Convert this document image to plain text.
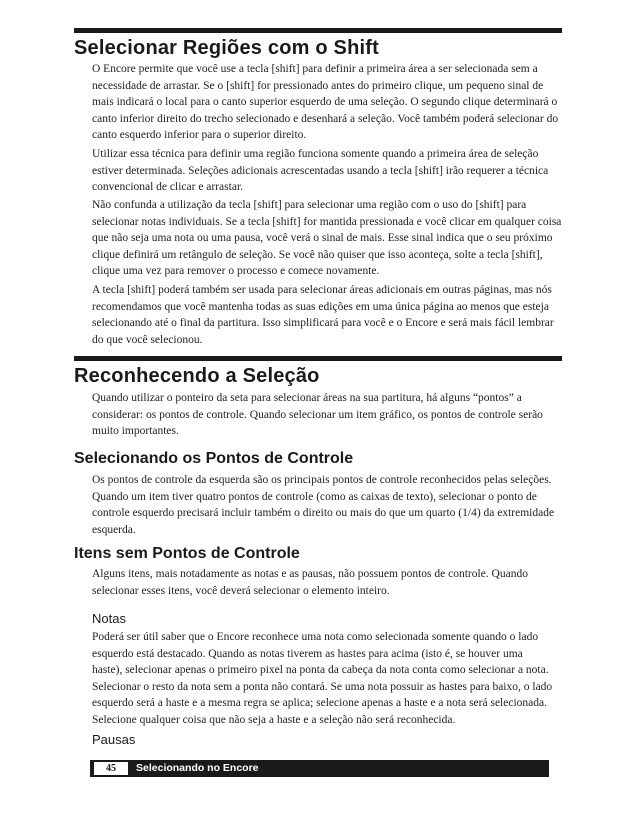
Selecionar Regiões com o Shift
O Encore permite que você use a tecla [shift] para definir a primeira área a ser selecionada sem a
necessidade de arrastar. Se o [shift] for pressionado antes do primeiro clique, um pequeno sinal de
mais indicará o local para o canto superior esquerdo de uma seleção. O segundo clique determinará o
canto inferior direito do trecho selecionado e desenhará a seleção. Você também poderá selecionar do
canto esquerdo inferior para o superior direito.
Utilizar essa técnica para definir uma região funciona somente quando a primeira área de seleção
estiver determinada. Seleções adicionais acrescentadas usando a tecla [shift] irão requerer a técnica
convencional de clicar e arrastar.
Não confunda a utilização da tecla [shift] para selecionar uma região com o uso do [shift] para
selecionar notas individuais. Se a tecla [shift] for mantida pressionada e você clicar em qualquer coisa
que não seja uma nota ou uma pausa, você verá o sinal de mais. Esse sinal indica que o seu próximo
clique definirá um retângulo de seleção. Se você não quiser que isso aconteça, solte a tecla [shift],
clique uma vez para remover o processo e comece novamente.
A tecla [shift] poderá também ser usada para selecionar áreas adicionais em outras páginas, mas nós
recomendamos que você mantenha todas as suas edições em uma única página ao menos que esteja
selecionando até o final da partitura. Isso simplificará para você e o Encore e será mais fácil lembrar
do que você selecionou.
Reconhecendo a Seleção
Quando utilizar o ponteiro da seta para selecionar áreas na sua partitura, há alguns “pontos” a
considerar: os pontos de controle. Quando selecionar um item gráfico, os pontos de controle serão
muito importantes.
Selecionando os Pontos de Controle
Os pontos de controle da esquerda são os principais pontos de controle reconhecidos pelas seleções.
Quando um item tiver quatro pontos de controle (como as caixas de texto), selecionar o ponto de
controle esquerdo precisará incluir também o direito ou mais do que um quarto (1/4) da extremidade
esquerda.
Itens sem Pontos de Controle
Alguns itens, mais notadamente as notas e as pausas, não possuem pontos de controle. Quando
selecionar esses itens, você deverá selecionar o elemento inteiro.
Notas
Poderá ser útil saber que o Encore reconhece uma nota como selecionada somente quando o lado
esquerdo está destacado. Quando as notas tiverem as hastes para acima (isto é, se houver uma
haste), selecionar apenas o primeiro pixel na ponta da cabeça da nota conta como selecionar a nota.
Selecionar o resto da nota sem a ponta não contará. Se uma nota possuir as hastes para baixo, o lado
esquerdo será a haste e a mesma regra se aplica; selecione apenas a haste e a nota será selecionada.
Selecione qualquer coisa que não seja a haste e a seleção não será reconhecida.
Pausas
45	Selecionando no Encore
